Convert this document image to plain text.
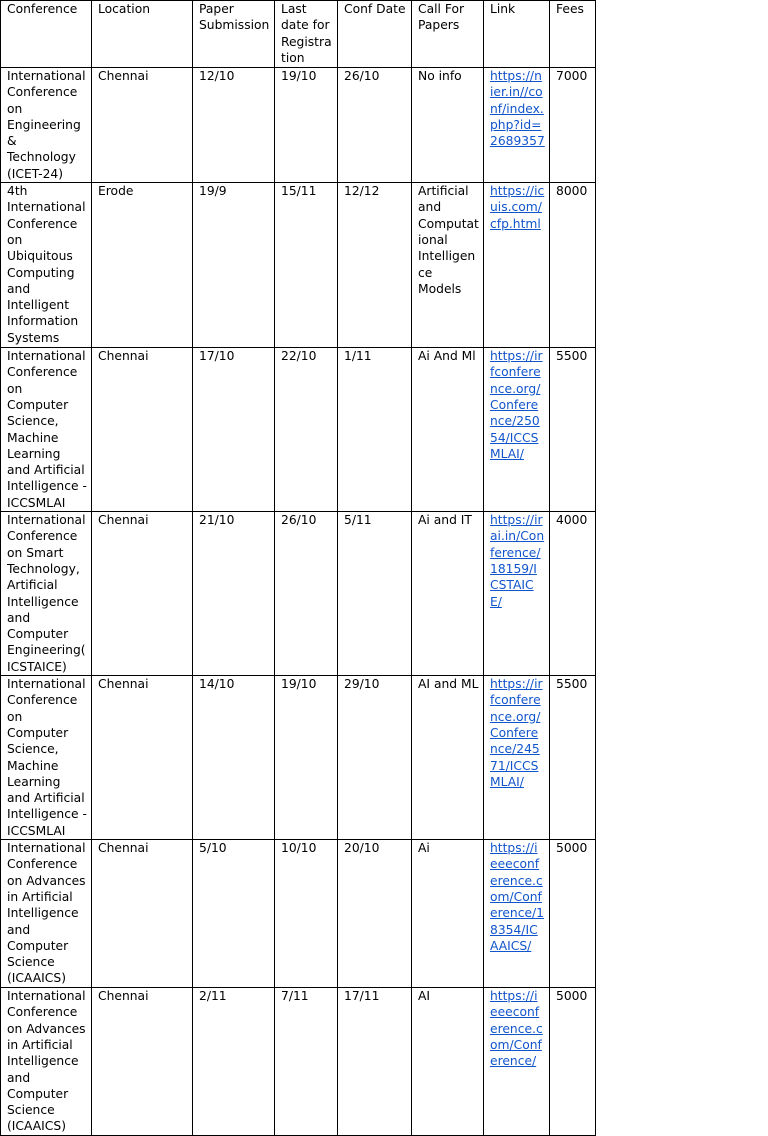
Conference	Location	Paper Submission	Last date for Registration	Conf Date	Call For Papers	Link	Fees
International Conference on Engineering & Technology (ICET-24)	Chennai	12/10	19/10	26/10	No info	https://nier.in//conf/index.php?id=2689357	7000
4th International Conference on Ubiquitous Computing and Intelligent Information Systems	Erode	19/9	15/11	12/12	Artificial and Computational Intelligence Models	https://icuis.com/cfp.html	8000
International Conference on Computer Science, Machine Learning and Artificial Intelligence - ICCSMLAI	Chennai	17/10	22/10	1/11	Ai And Ml	https://irfconference.org/Conference/25054/ICCSMLAI/	5500
International Conference on Smart Technology, Artificial Intelligence and Computer Engineering(ICSTAICE)	Chennai	21/10	26/10	5/11	Ai and IT	https://irai.in/Conference/18159/ICSTAICE/	4000
International Conference on Computer Science, Machine Learning and Artificial Intelligence - ICCSMLAI	Chennai	14/10	19/10	29/10	AI and ML	https://irfconference.org/Conference/24571/ICCSMLAI/	5500
International Conference on Advances in Artificial Intelligence and Computer Science (ICAAICS)	Chennai	5/10	10/10	20/10	Ai	https://ieeeconference.com/Conference/18354/ICAAICS/	5000
International Conference on Advances in Artificial Intelligence and Computer Science (ICAAICS)	Chennai	2/11	7/11	17/11	AI	https://ieeeconference.com/Conference/	5000
